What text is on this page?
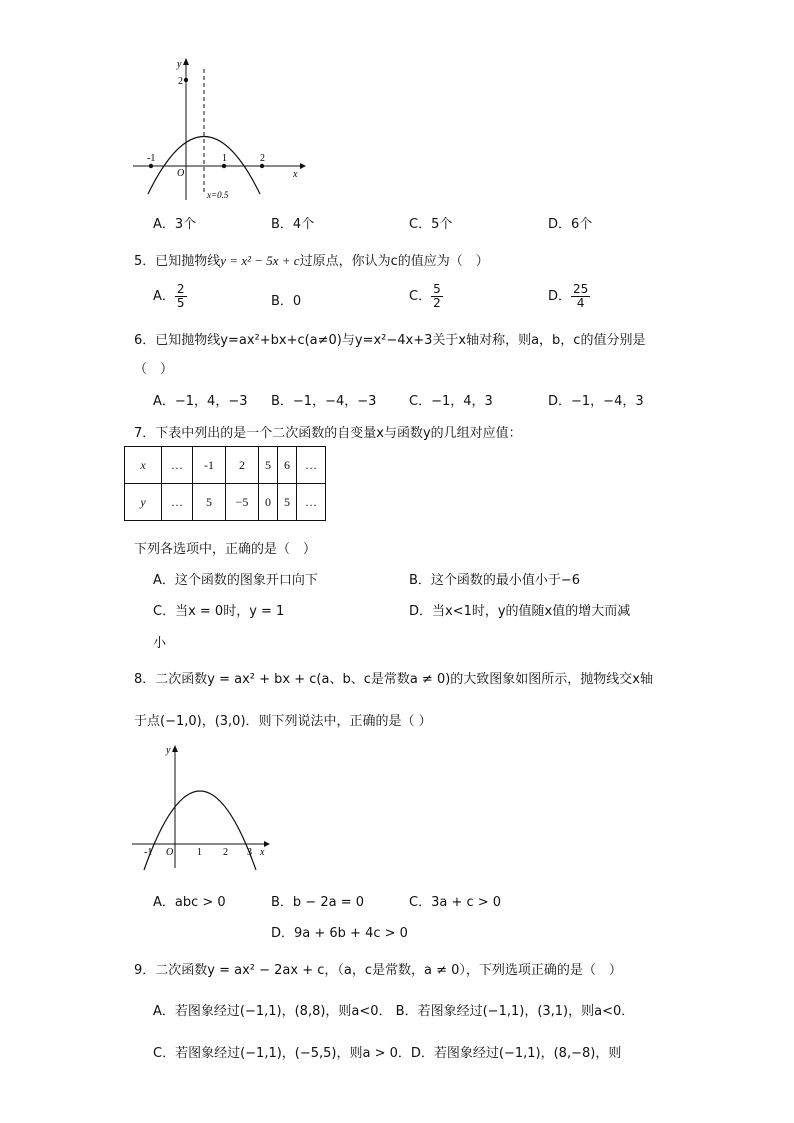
y
2
-1	1	2
O	x
x=0.5
A．3个	B．4个	C．5个	D．6个
5．已知抛物线y = x² − 5x + c过原点，你认为c的值应为（　）
A． $\frac{2}{5}$	B．0	C． $\frac{5}{2}$	D． $\frac{25}{4}$
6．已知抛物线y=ax²+bx+c(a≠0)与y=x²−4x+3关于x轴对称，则a，b，c的值分别是
（　）
A．−1，4，−3 B．−1，−4，−3	C．−1，4，3	D．−1，−4，3
7．下表中列出的是一个二次函数的自变量x与函数y的几组对应值：
x	…	-1	2	5	6	…
y	…	5	−5	0	5	…
下列各选项中，正确的是（　）
A．这个函数的图象开口向下	B．这个函数的最小值小于−6
C．当x = 0时，y = 1	D．当x<1时，y的值随x值的增大而减
小
8．二次函数y = ax² + bx + c(a、b、c是常数a ≠ 0)的大致图象如图所示，抛物线交x轴
于点(−1,0)，(3,0)．则下列说法中，正确的是（ ）
y
-1 O 1 2 3 x
A．abc > 0	B．b − 2a = 0	C．3a + c > 0
D．9a + 6b + 4c > 0
9．二次函数y = ax² − 2ax + c，（a，c是常数，a ≠ 0），下列选项正确的是（　）
A．若图象经过(−1,1)，(8,8)，则a<0． B．若图象经过(−1,1)，(3,1)，则a<0．
C．若图象经过(−1,1)，(−5,5)，则a > 0．D．若图象经过(−1,1)，(8,−8)，则
